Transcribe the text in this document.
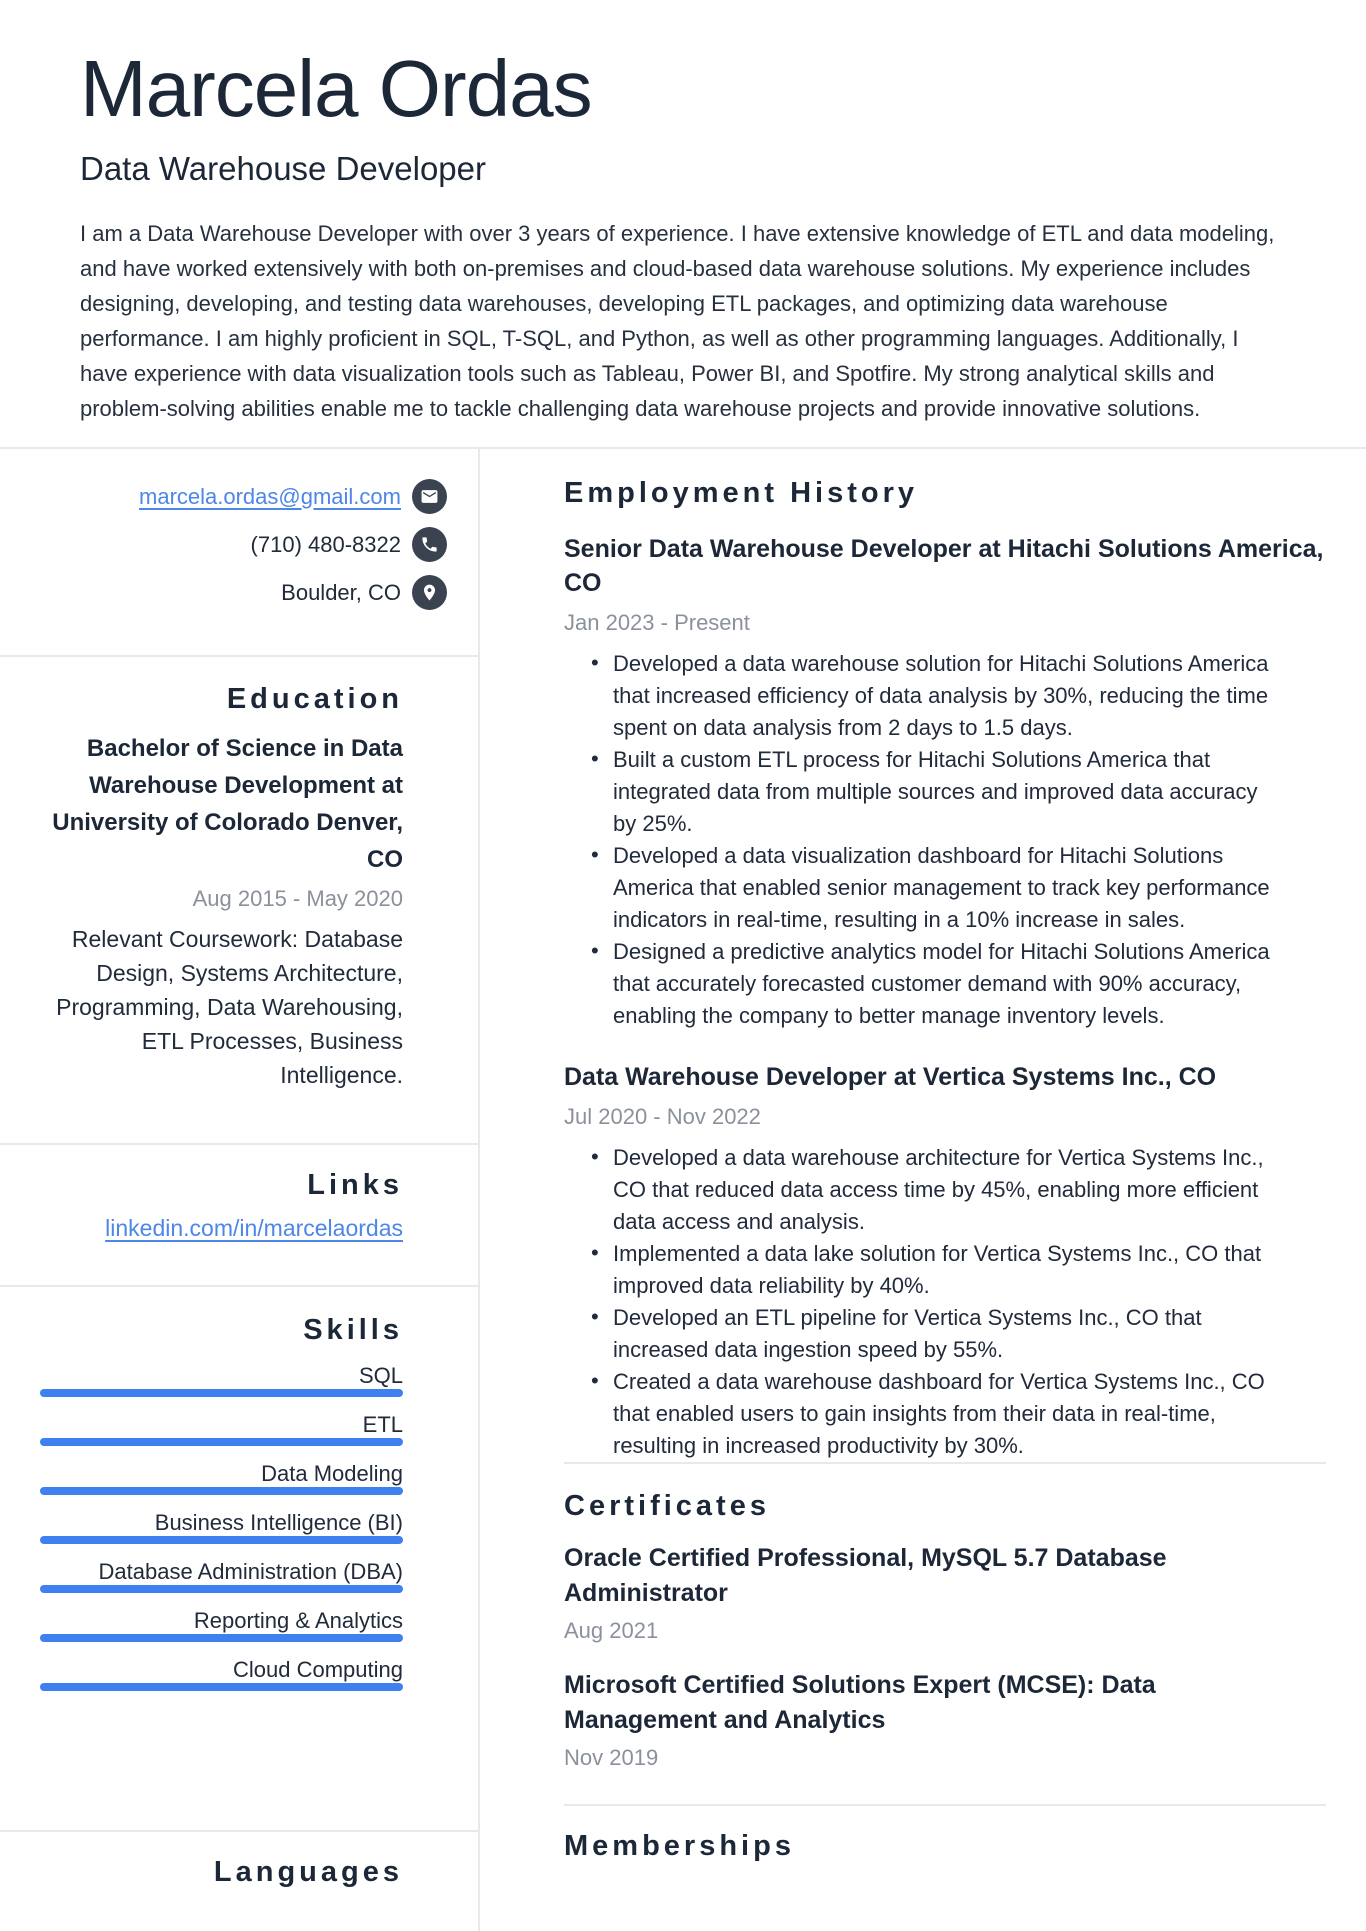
Marcela Ordas
Data Warehouse Developer

I am a Data Warehouse Developer with over 3 years of experience. I have extensive knowledge of ETL and data modeling, and have worked extensively with both on-premises and cloud-based data warehouse solutions. My experience includes designing, developing, and testing data warehouses, developing ETL packages, and optimizing data warehouse performance. I am highly proficient in SQL, T-SQL, and Python, as well as other programming languages. Additionally, I have experience with data visualization tools such as Tableau, Power BI, and Spotfire. My strong analytical skills and problem-solving abilities enable me to tackle challenging data warehouse projects and provide innovative solutions.

marcela.ordas@gmail.com
(710) 480-8322
Boulder, CO
Education
Bachelor of Science in Data Warehouse Development at University of Colorado Denver, CO
Aug 2015 - May 2020
Relevant Coursework: Database Design, Systems Architecture, Programming, Data Warehousing, ETL Processes, Business Intelligence.
Links
linkedin.com/in/marcelaordas
Skills
SQL
ETL
Data Modeling
Business Intelligence (BI)
Database Administration (DBA)
Reporting & Analytics
Cloud Computing
Languages
Employment History
Senior Data Warehouse Developer at Hitachi Solutions America, CO
Jan 2023 - Present
• Developed a data warehouse solution for Hitachi Solutions America that increased efficiency of data analysis by 30%, reducing the time spent on data analysis from 2 days to 1.5 days.
• Built a custom ETL process for Hitachi Solutions America that integrated data from multiple sources and improved data accuracy by 25%.
• Developed a data visualization dashboard for Hitachi Solutions America that enabled senior management to track key performance indicators in real-time, resulting in a 10% increase in sales.
• Designed a predictive analytics model for Hitachi Solutions America that accurately forecasted customer demand with 90% accuracy, enabling the company to better manage inventory levels.
Data Warehouse Developer at Vertica Systems Inc., CO
Jul 2020 - Nov 2022
• Developed a data warehouse architecture for Vertica Systems Inc., CO that reduced data access time by 45%, enabling more efficient data access and analysis.
• Implemented a data lake solution for Vertica Systems Inc., CO that improved data reliability by 40%.
• Developed an ETL pipeline for Vertica Systems Inc., CO that increased data ingestion speed by 55%.
• Created a data warehouse dashboard for Vertica Systems Inc., CO that enabled users to gain insights from their data in real-time, resulting in increased productivity by 30%.
Certificates
Oracle Certified Professional, MySQL 5.7 Database Administrator
Aug 2021
Microsoft Certified Solutions Expert (MCSE): Data Management and Analytics
Nov 2019
Memberships
